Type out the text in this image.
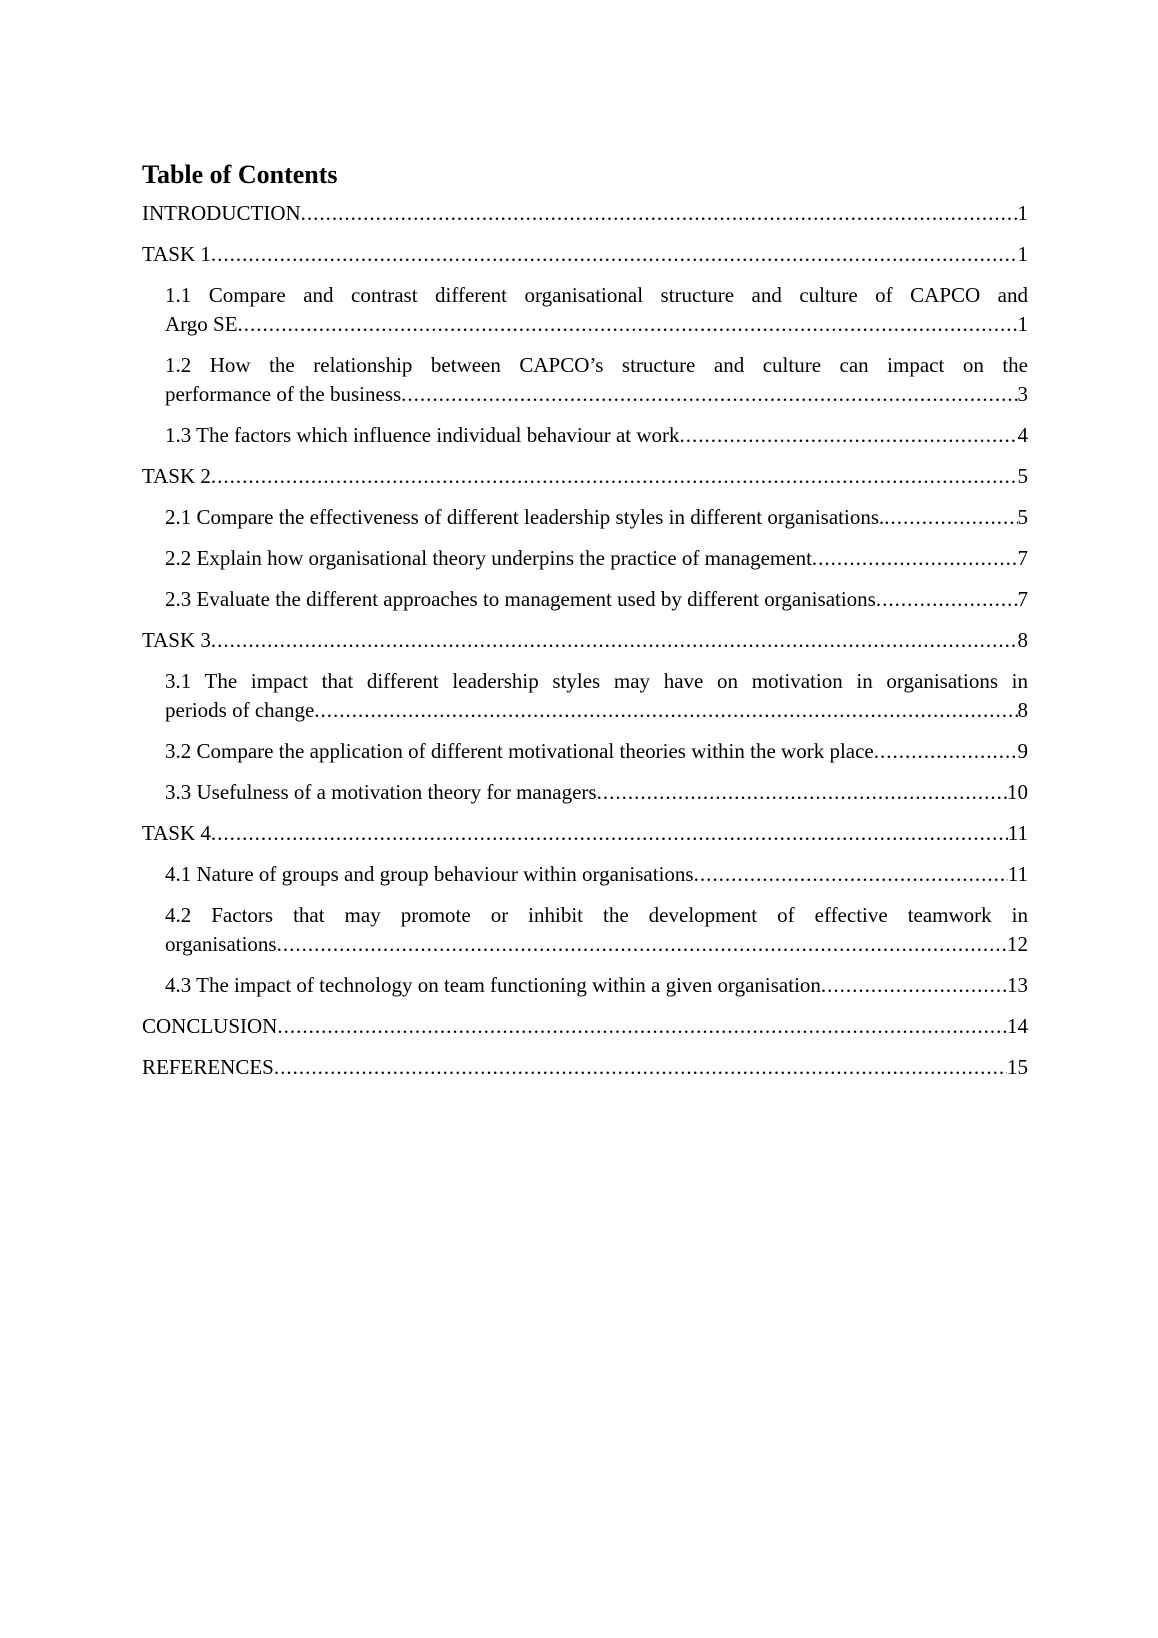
Table of Contents
INTRODUCTION .....	1
TASK 1 .....	1
1.1 Compare and contrast different organisational structure and culture of CAPCO and
Argo SE .....	1
1.2 How the relationship between CAPCO’s structure and culture can impact on the
performance of the business .....	3
1.3 The factors which influence individual behaviour at work .....	4
TASK 2 .....	5
2.1 Compare the effectiveness of different leadership styles in different organisations. .....	5
2.2 Explain how organisational theory underpins the practice of management .....	7
2.3 Evaluate the different approaches to management used by different organisations .....	7
TASK 3 .....	8
3.1 The impact that different leadership styles may have on motivation in organisations in
periods of change .....	8
3.2 Compare the application of different motivational theories within the work place .....	9
3.3 Usefulness of a motivation theory for managers .....	10
TASK 4 .....	11
4.1 Nature of groups and group behaviour within organisations .....	11
4.2 Factors that may promote or inhibit the development of effective teamwork in
organisations .....	12
4.3 The impact of technology on team functioning within a given organisation .....	13
CONCLUSION .....	14
REFERENCES .....	15
